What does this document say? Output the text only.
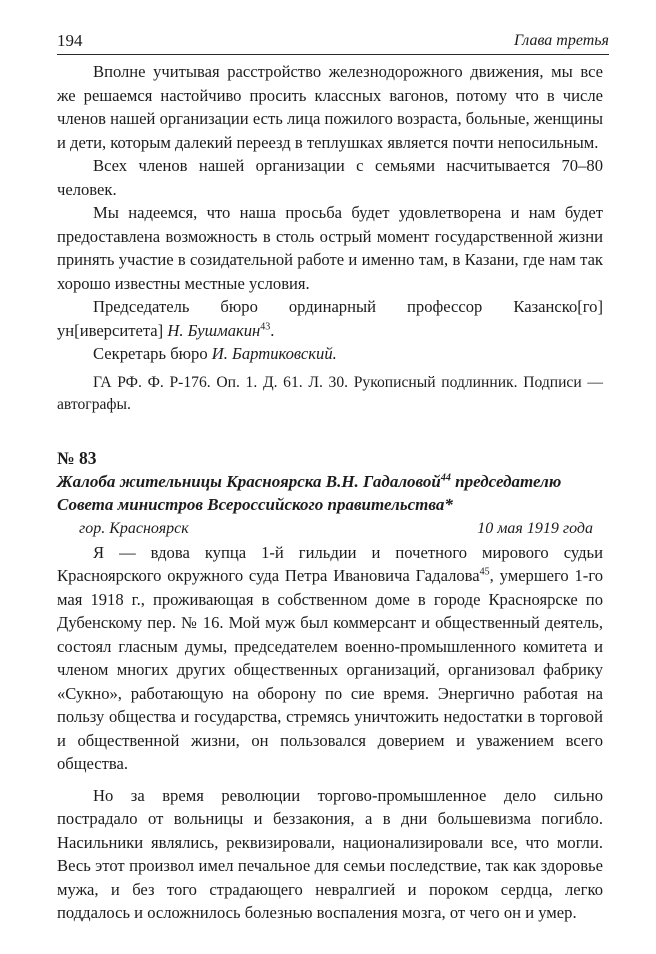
194	Глава третья

Вполне учитывая расстройство железнодорожного движения, мы все же решаемся настойчиво просить классных вагонов, потому что в числе членов нашей организации есть лица пожилого возраста, больные, женщины и дети, которым далекий переезд в теплушках является почти непосильным.

Всех членов нашей организации с семьями насчитывается 70–80 человек.

Мы надеемся, что наша просьба будет удовлетворена и нам будет предоставлена возможность в столь острый момент государственной жизни принять участие в созидательной работе и именно там, в Казани, где нам так хорошо известны местные условия.

Председатель бюро ординарный профессор Казанско[го] ун[иверситета] Н. Бушмакин$^{43}$.

Секретарь бюро И. Бартиковский.

ГА РФ. Ф. Р-176. Оп. 1. Д. 61. Л. 30. Рукописный подлинник. Подписи — автографы.

№ 83

Жалоба жительницы Красноярска В.Н. Гадаловой$^{44}$ председателю Совета министров Всероссийского правительства*

гор. Красноярск	10 мая 1919 года

Я — вдова купца 1-й гильдии и почетного мирового судьи Красноярского окружного суда Петра Ивановича Гадалова$^{45}$, умершего 1-го мая 1918 г., проживающая в собственном доме в городе Красноярске по Дубенскому пер. № 16. Мой муж был коммерсант и общественный деятель, состоял гласным думы, председателем военно-промышленного комитета и членом многих других общественных организаций, организовал фабрику «Сукно», работающую на оборону по сие время. Энергично работая на пользу общества и государства, стремясь уничтожить недостатки в торговой и общественной жизни, он пользовался доверием и уважением всего общества.

Но за время революции торгово-промышленное дело сильно пострадало от вольницы и беззакония, а в дни большевизма погибло. Насильники являлись, реквизировали, национализировали все, что могли. Весь этот произвол имел печальное для семьи последствие, так как здоровье мужа, и без того страдающего невралгией и пороком сердца, легко поддалось и осложнилось болезнью воспаления мозга, от чего он и умер.
